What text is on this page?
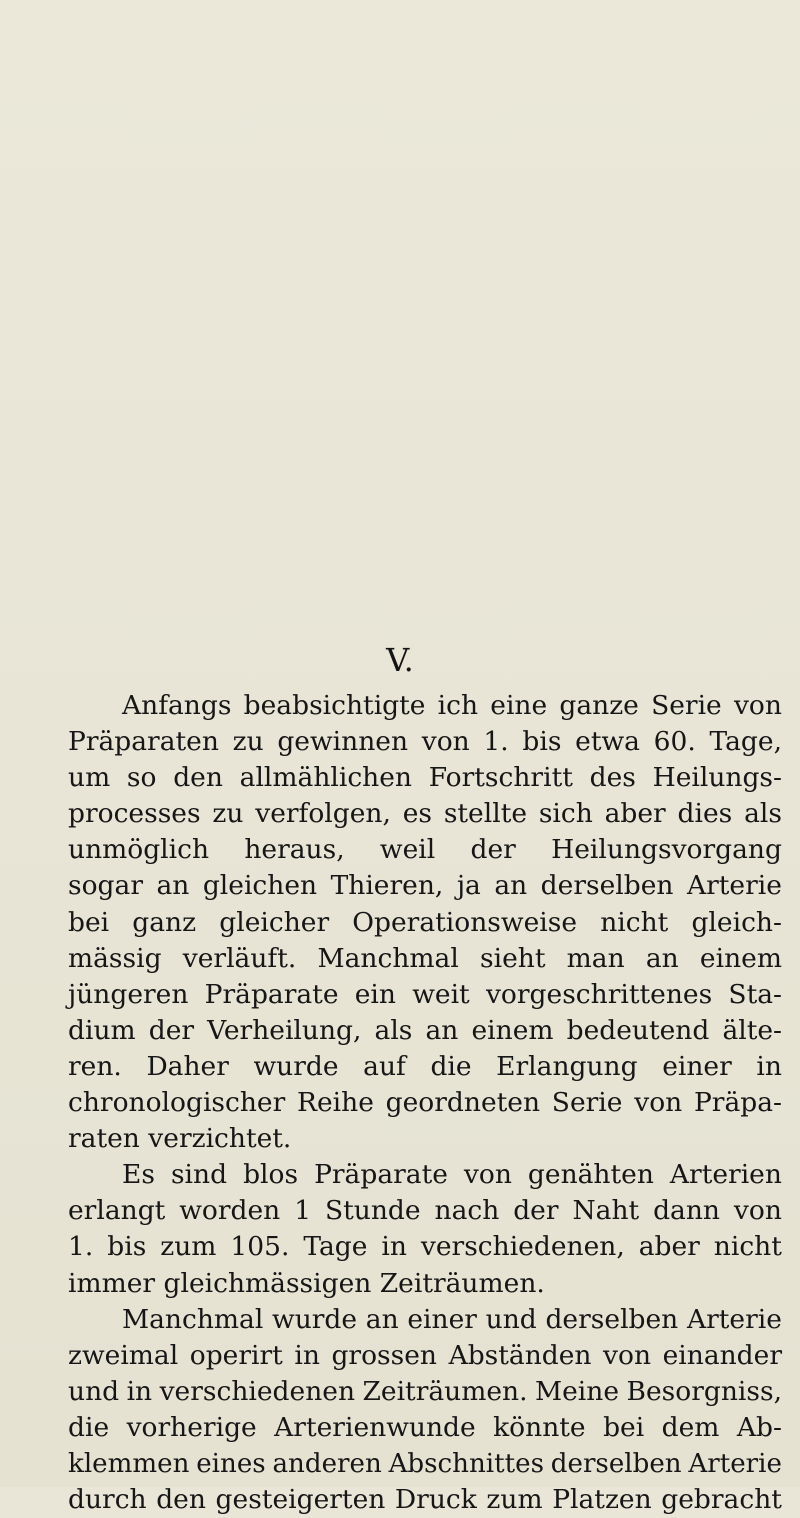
V.
Anfangs beabsichtigte ich eine ganze Serie von
Präparaten zu gewinnen von 1. bis etwa 60. Tage,
um so den allmählichen Fortschritt des Heilungs-
processes zu verfolgen, es stellte sich aber dies als
unmöglich heraus, weil der Heilungsvorgang
sogar an gleichen Thieren, ja an derselben Arterie
bei ganz gleicher Operationsweise nicht gleich-
mässig verläuft. Manchmal sieht man an einem
jüngeren Präparate ein weit vorgeschrittenes Sta-
dium der Verheilung, als an einem bedeutend älte-
ren. Daher wurde auf die Erlangung einer in
chronologischer Reihe geordneten Serie von Präpa-
raten verzichtet.
Es sind blos Präparate von genähten Arterien
erlangt worden 1 Stunde nach der Naht dann von
1. bis zum 105. Tage in verschiedenen, aber nicht
immer gleichmässigen Zeiträumen.
Manchmal wurde an einer und derselben Arterie
zweimal operirt in grossen Abständen von einander
und in verschiedenen Zeiträumen. Meine Besorgniss,
die vorherige Arterienwunde könnte bei dem Ab-
klemmen eines anderen Abschnittes derselben Arterie
durch den gesteigerten Druck zum Platzen gebracht
